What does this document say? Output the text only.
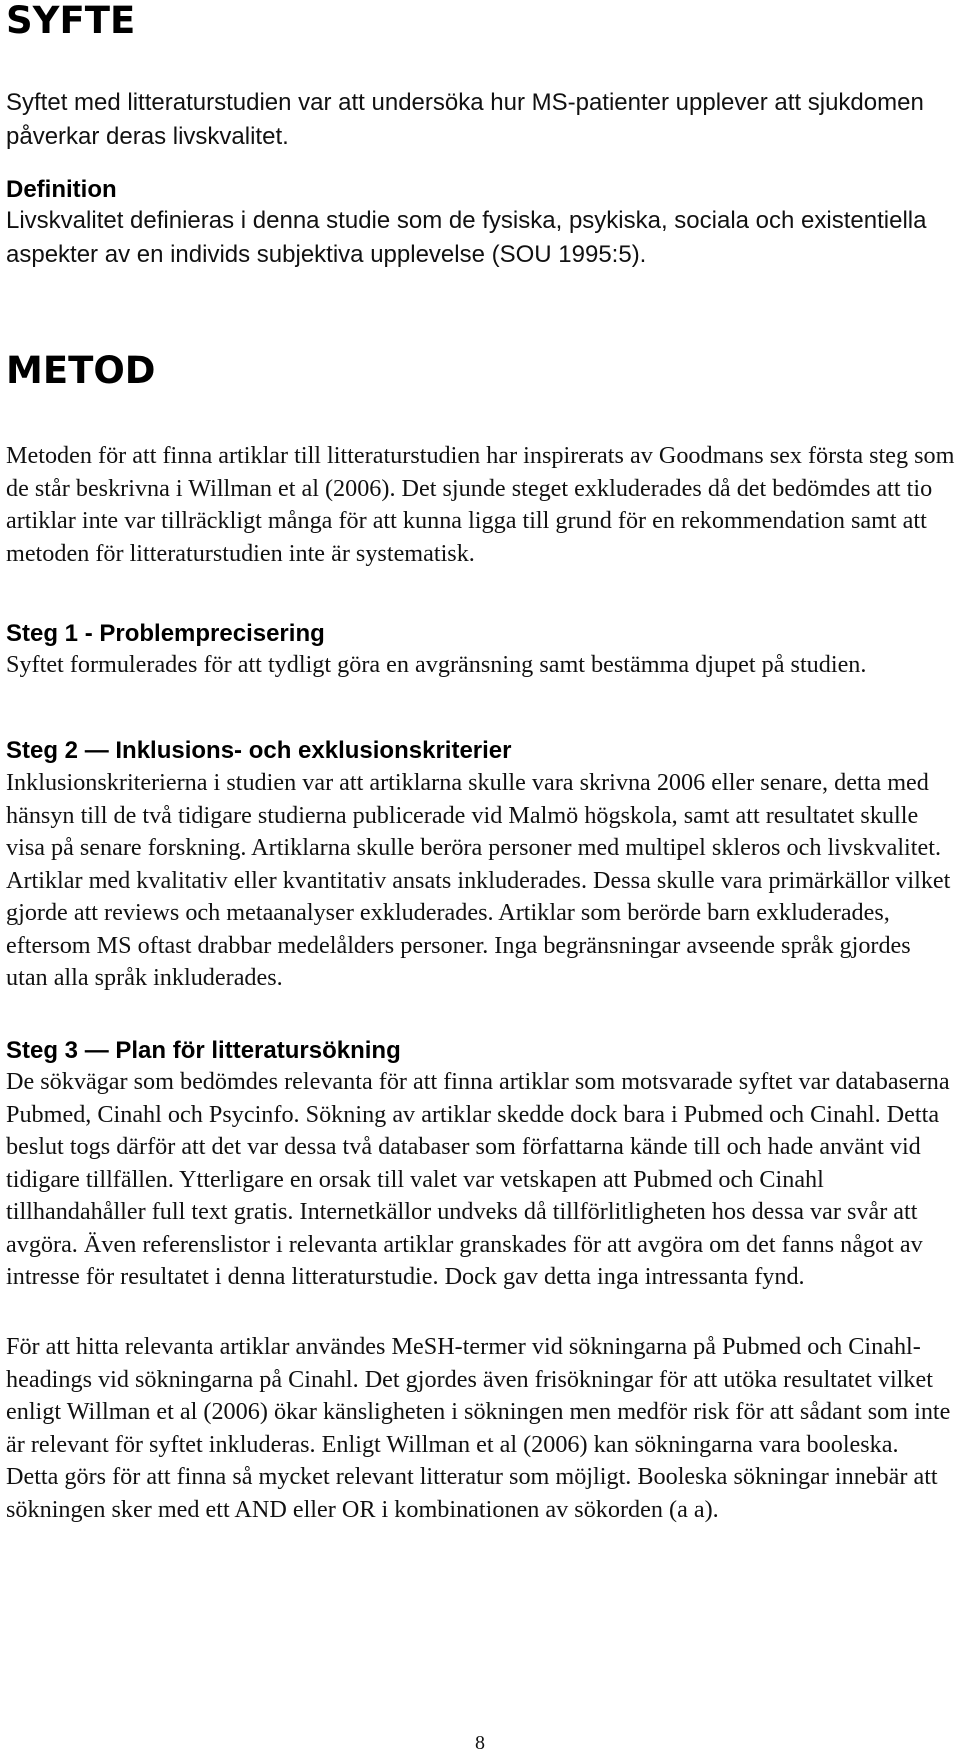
SYFTE

Syftet med litteraturstudien var att undersöka hur MS-patienter upplever att sjukdomen påverkar deras livskvalitet.

Definition

Livskvalitet definieras i denna studie som de fysiska, psykiska, sociala och existentiella aspekter av en individs subjektiva upplevelse (SOU 1995:5).

METOD

Metoden för att finna artiklar till litteraturstudien har inspirerats av Goodmans sex första steg som de står beskrivna i Willman et al (2006). Det sjunde steget exkluderades då det bedömdes att tio artiklar inte var tillräckligt många för att kunna ligga till grund för en rekommendation samt att metoden för litteraturstudien inte är systematisk.

Steg 1 - Problemprecisering

Syftet formulerades för att tydligt göra en avgränsning samt bestämma djupet på studien.

Steg 2 — Inklusions- och exklusionskriterier

Inklusionskriterierna i studien var att artiklarna skulle vara skrivna 2006 eller senare, detta med hänsyn till de två tidigare studierna publicerade vid Malmö högskola, samt att resultatet skulle visa på senare forskning. Artiklarna skulle beröra personer med multipel skleros och livskvalitet. Artiklar med kvalitativ eller kvantitativ ansats inkluderades. Dessa skulle vara primärkällor vilket gjorde att reviews och metaanalyser exkluderades. Artiklar som berörde barn exkluderades, eftersom MS oftast drabbar medelålders personer. Inga begränsningar avseende språk gjordes utan alla språk inkluderades.

Steg 3 — Plan för litteratursökning

De sökvägar som bedömdes relevanta för att finna artiklar som motsvarade syftet var databaserna Pubmed, Cinahl och Psycinfo. Sökning av artiklar skedde dock bara i Pubmed och Cinahl. Detta beslut togs därför att det var dessa två databaser som författarna kände till och hade använt vid tidigare tillfällen. Ytterligare en orsak till valet var vetskapen att Pubmed och Cinahl tillhandahåller full text gratis. Internetkällor undveks då tillförlitligheten hos dessa var svår att avgöra. Även referenslistor i relevanta artiklar granskades för att avgöra om det fanns något av intresse för resultatet i denna litteraturstudie. Dock gav detta inga intressanta fynd.

För att hitta relevanta artiklar användes MeSH-termer vid sökningarna på Pubmed och Cinahl-headings vid sökningarna på Cinahl. Det gjordes även frisökningar för att utöka resultatet vilket enligt Willman et al (2006) ökar känsligheten i sökningen men medför risk för att sådant som inte är relevant för syftet inkluderas. Enligt Willman et al (2006) kan sökningarna vara booleska. Detta görs för att finna så mycket relevant litteratur som möjligt. Booleska sökningar innebär att sökningen sker med ett AND eller OR i kombinationen av sökorden (a a).

8
